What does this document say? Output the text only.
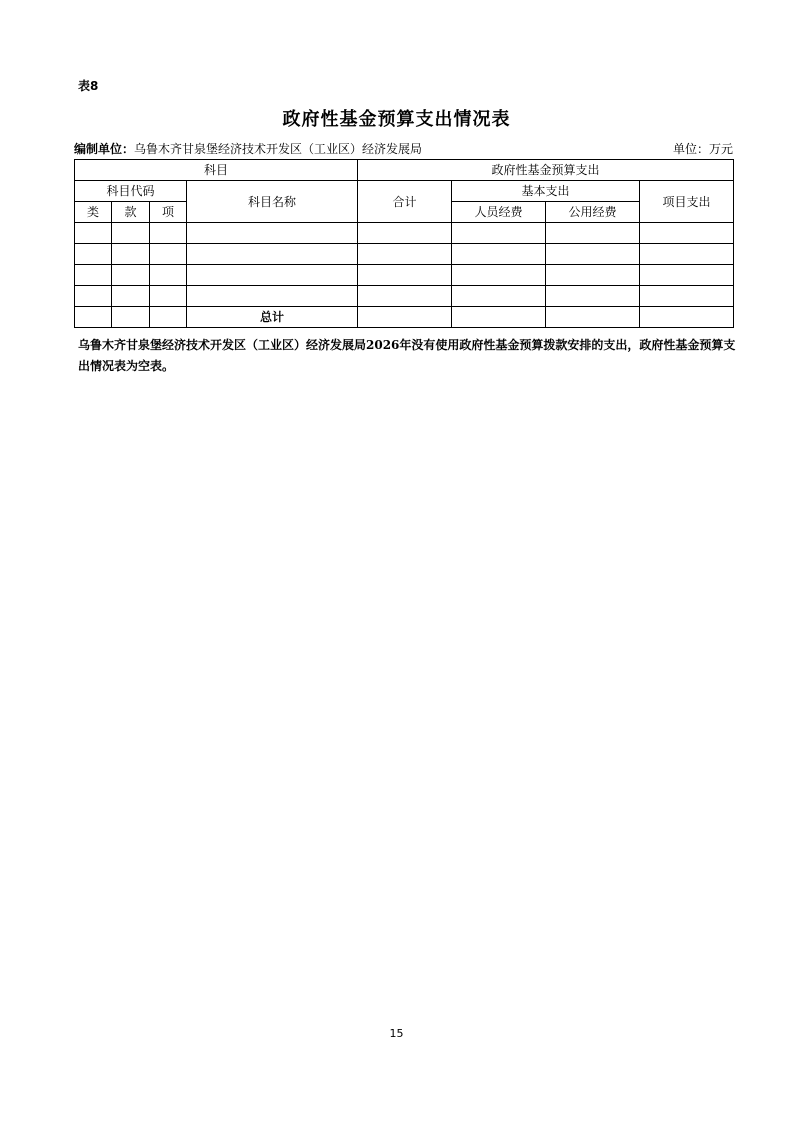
表8
政府性基金预算支出情况表
编制单位：乌鲁木齐甘泉堡经济技术开发区（工业区）经济发展局	单位：万元
科目				政府性基金预算支出			
科目代码			科目名称	合计	基本支出		项目支出
类	款	项			人员经费	公用经费	

			总计				
乌鲁木齐甘泉堡经济技术开发区（工业区）经济发展局2026年没有使用政府性基金预算拨款安排的支出，政府性基金预算支出情况表为空表。
15
